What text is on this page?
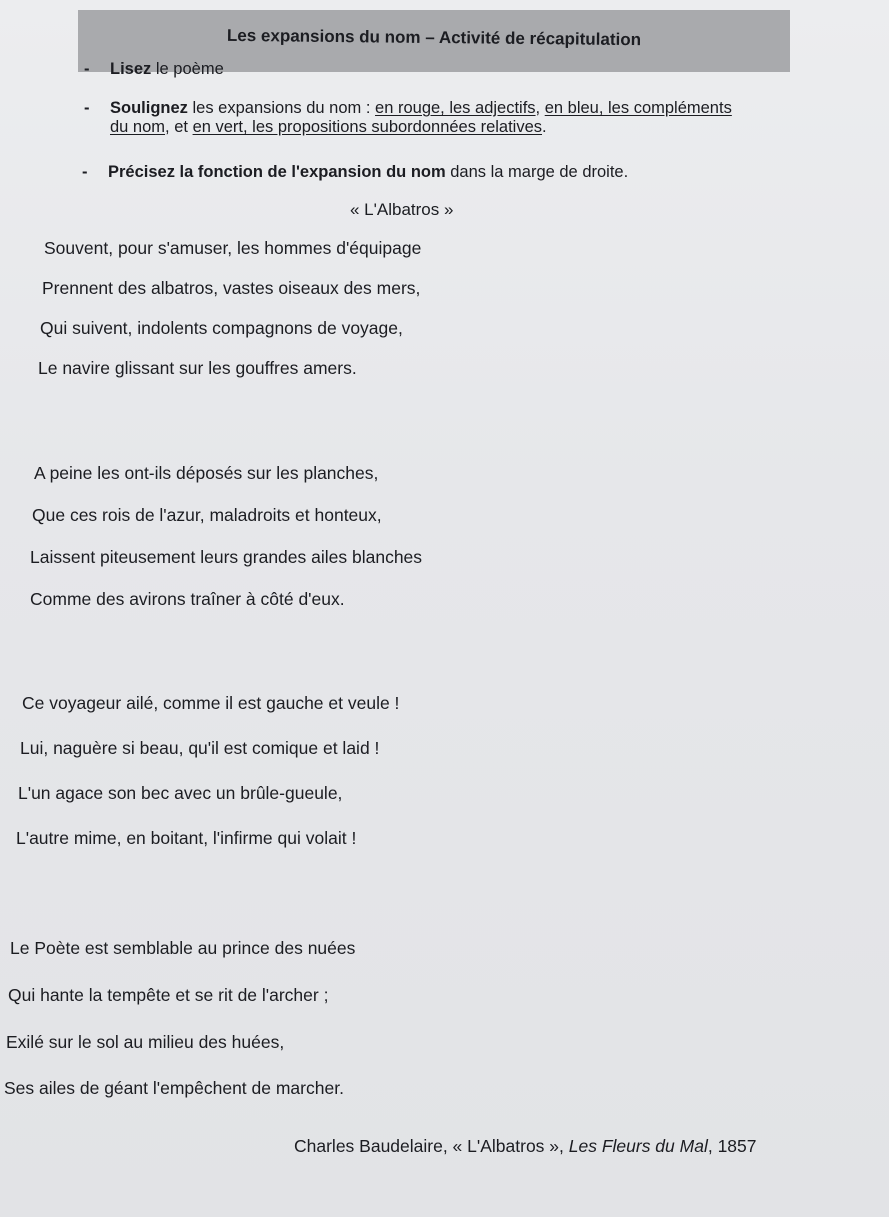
Les expansions du nom – Activité de récapitulation
- Lisez le poème
- Soulignez les expansions du nom : en rouge, les adjectifs, en bleu, les compléments
du nom, et en vert, les propositions subordonnées relatives.
- Précisez la fonction de l'expansion du nom dans la marge de droite.
« L'Albatros »
Souvent, pour s'amuser, les hommes d'équipage
Prennent des albatros, vastes oiseaux des mers,
Qui suivent, indolents compagnons de voyage,
Le navire glissant sur les gouffres amers.
A peine les ont-ils déposés sur les planches,
Que ces rois de l'azur, maladroits et honteux,
Laissent piteusement leurs grandes ailes blanches
Comme des avirons traîner à côté d'eux.
Ce voyageur ailé, comme il est gauche et veule !
Lui, naguère si beau, qu'il est comique et laid !
L'un agace son bec avec un brûle-gueule,
L'autre mime, en boitant, l'infirme qui volait !
Le Poète est semblable au prince des nuées
Qui hante la tempête et se rit de l'archer ;
Exilé sur le sol au milieu des huées,
Ses ailes de géant l'empêchent de marcher.
Charles Baudelaire, « L'Albatros », Les Fleurs du Mal, 1857
